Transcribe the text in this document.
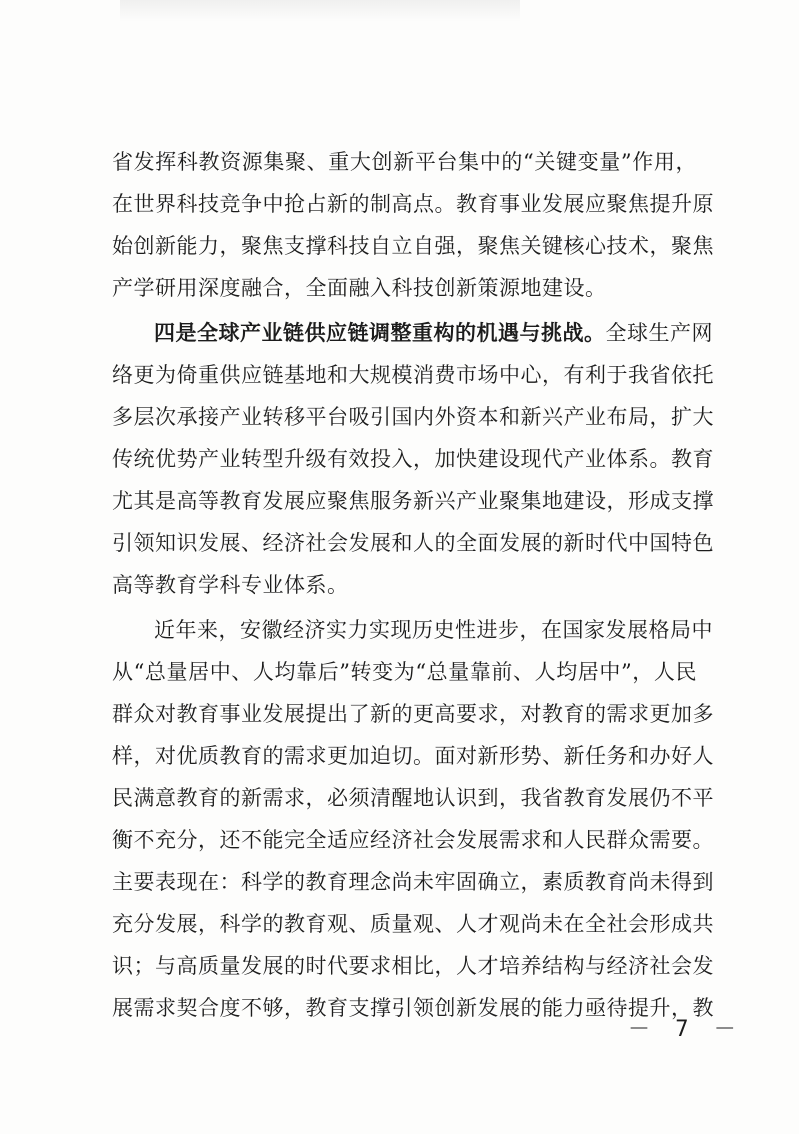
省发挥科教资源集聚、重大创新平台集中的“关键变量”作用，
在世界科技竞争中抢占新的制高点。教育事业发展应聚焦提升原
始创新能力，聚焦支撑科技自立自强，聚焦关键核心技术，聚焦
产学研用深度融合，全面融入科技创新策源地建设。
四是全球产业链供应链调整重构的机遇与挑战。全球生产网
络更为倚重供应链基地和大规模消费市场中心，有利于我省依托
多层次承接产业转移平台吸引国内外资本和新兴产业布局，扩大
传统优势产业转型升级有效投入，加快建设现代产业体系。教育
尤其是高等教育发展应聚焦服务新兴产业聚集地建设，形成支撑
引领知识发展、经济社会发展和人的全面发展的新时代中国特色
高等教育学科专业体系。
近年来，安徽经济实力实现历史性进步，在国家发展格局中
从“总量居中、人均靠后”转变为“总量靠前、人均居中”，人民
群众对教育事业发展提出了新的更高要求，对教育的需求更加多
样，对优质教育的需求更加迫切。面对新形势、新任务和办好人
民满意教育的新需求，必须清醒地认识到，我省教育发展仍不平
衡不充分，还不能完全适应经济社会发展需求和人民群众需要。
主要表现在：科学的教育理念尚未牢固确立，素质教育尚未得到
充分发展，科学的教育观、质量观、人才观尚未在全社会形成共
识；与高质量发展的时代要求相比，人才培养结构与经济社会发
展需求契合度不够，教育支撑引领创新发展的能力亟待提升，教
－ 7 －
